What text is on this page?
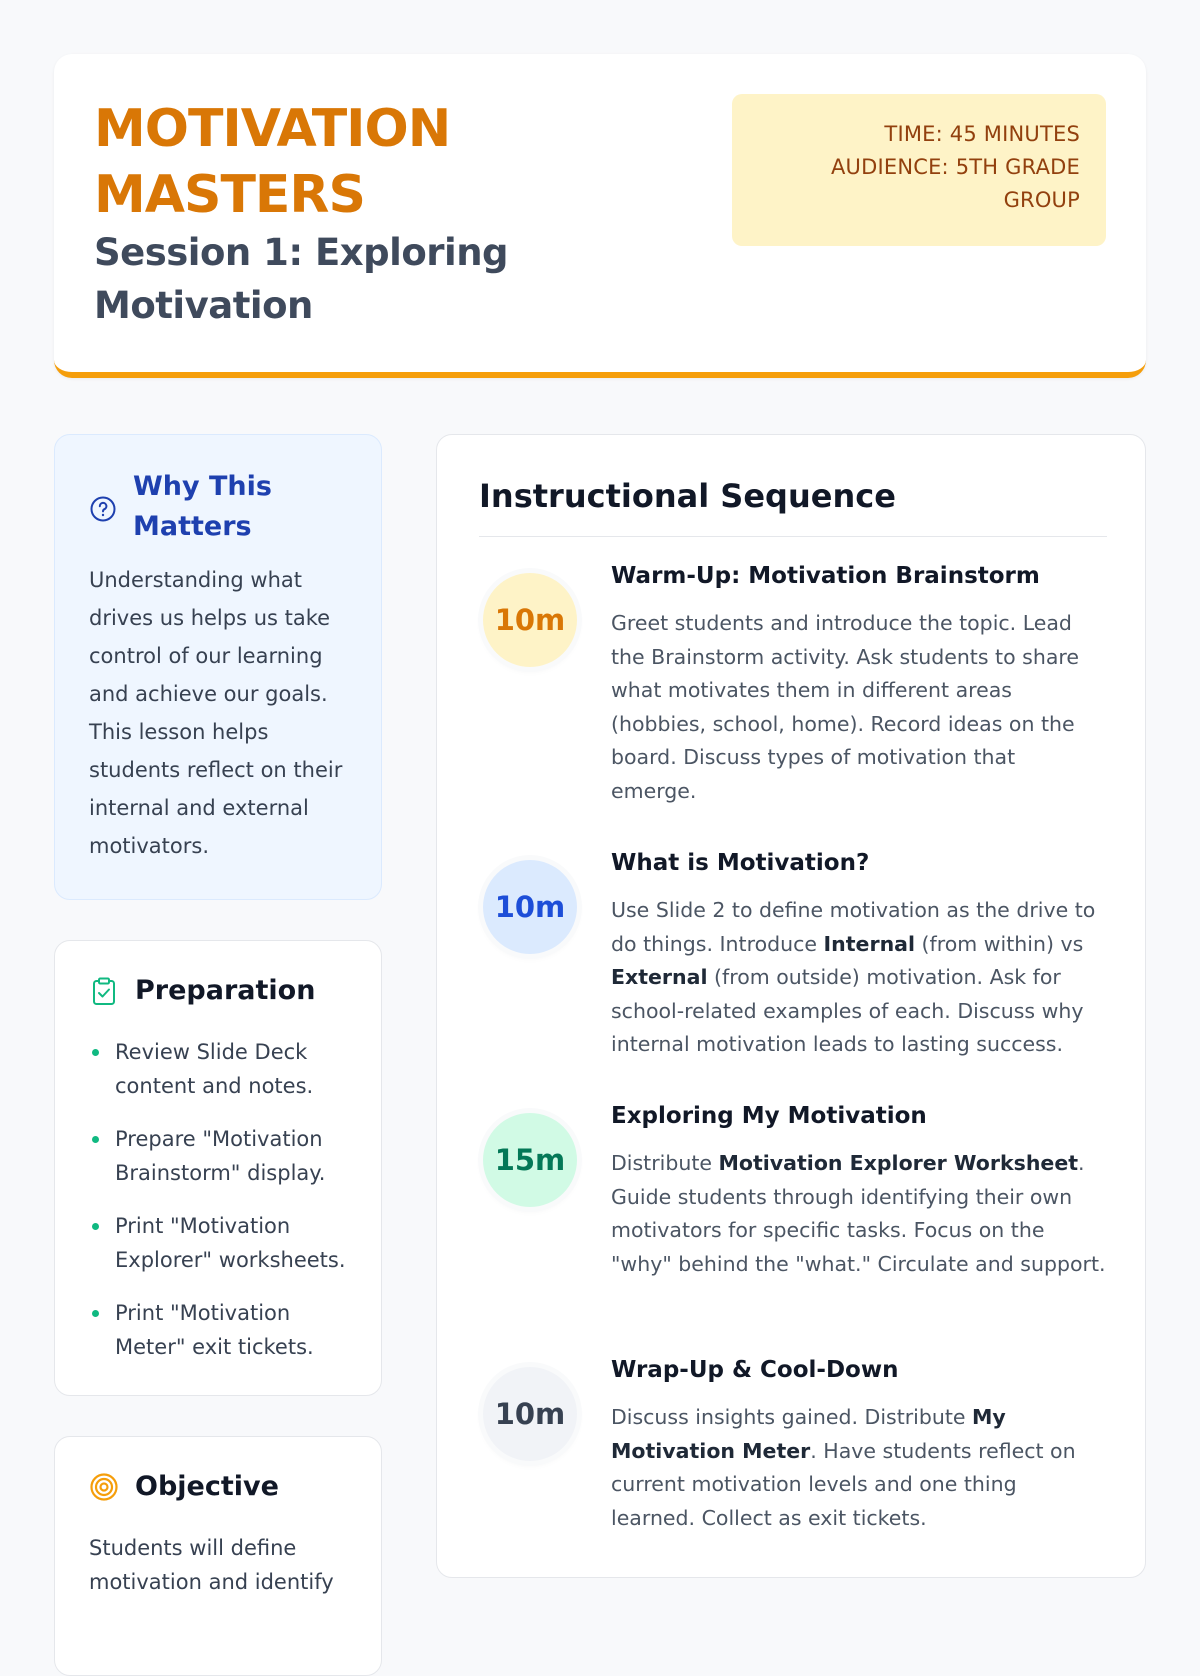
MOTIVATION
MASTERS
Session 1: Exploring Motivation
TIME: 45 MINUTES
AUDIENCE: 5TH GRADE
GROUP
Why This Matters
Understanding what drives us helps us take control of our learning and achieve our goals. This lesson helps students reflect on their internal and external motivators.
Preparation
Review Slide Deck content and notes.
Prepare "Motivation Brainstorm" display.
Print "Motivation Explorer" worksheets.
Print "Motivation Meter" exit tickets.
Objective
Students will define motivation and identify
Instructional Sequence
10m
Warm-Up: Motivation Brainstorm
Greet students and introduce the topic. Lead the Brainstorm activity. Ask students to share what motivates them in different areas (hobbies, school, home). Record ideas on the board. Discuss types of motivation that emerge.
10m
What is Motivation?
Use Slide 2 to define motivation as the drive to do things. Introduce Internal (from within) vs External (from outside) motivation. Ask for school-related examples of each. Discuss why internal motivation leads to lasting success.
15m
Exploring My Motivation
Distribute Motivation Explorer Worksheet. Guide students through identifying their own motivators for specific tasks. Focus on the "why" behind the "what." Circulate and support.
10m
Wrap-Up & Cool-Down
Discuss insights gained. Distribute My Motivation Meter. Have students reflect on current motivation levels and one thing learned. Collect as exit tickets.
